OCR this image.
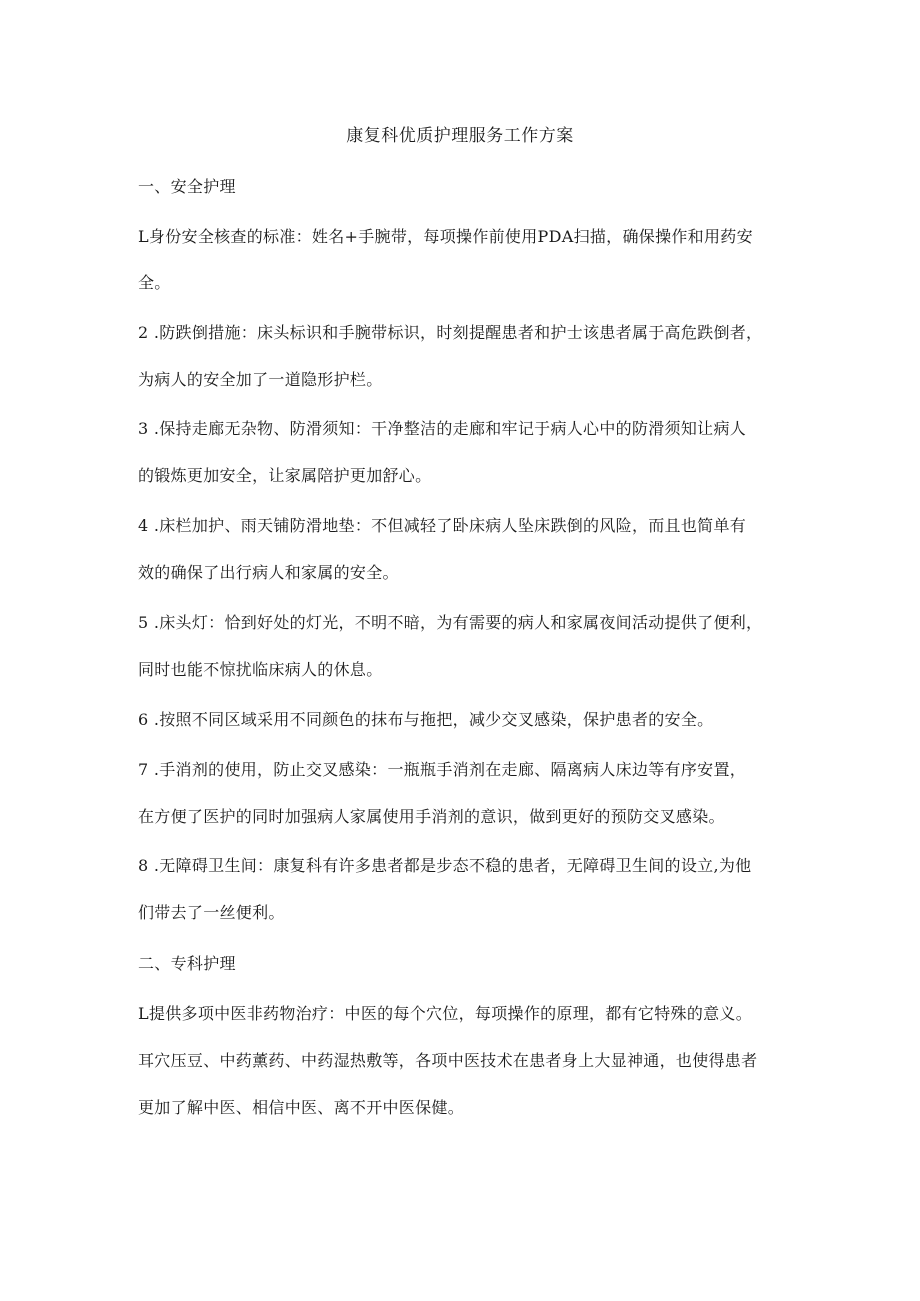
康复科优质护理服务工作方案

一、安全护理

L身份安全核查的标准：姓名+手腕带，每项操作前使用PDA扫描，确保操作和用药安

全。

2 .防跌倒措施：床头标识和手腕带标识，时刻提醒患者和护士该患者属于高危跌倒者，

为病人的安全加了一道隐形护栏。

3 .保持走廊无杂物、防滑须知：干净整洁的走廊和牢记于病人心中的防滑须知让病人

的锻炼更加安全，让家属陪护更加舒心。

4 .床栏加护、雨天铺防滑地垫：不但减轻了卧床病人坠床跌倒的风险，而且也简单有

效的确保了出行病人和家属的安全。

5 .床头灯：恰到好处的灯光，不明不暗，为有需要的病人和家属夜间活动提供了便利，

同时也能不惊扰临床病人的休息。

6 .按照不同区域采用不同颜色的抹布与拖把，减少交叉感染，保护患者的安全。

7 .手消剂的使用，防止交叉感染：一瓶瓶手消剂在走廊、隔离病人床边等有序安置，

在方便了医护的同时加强病人家属使用手消剂的意识，做到更好的预防交叉感染。

8 .无障碍卫生间：康复科有许多患者都是步态不稳的患者，无障碍卫生间的设立,为他

们带去了一丝便利。

二、专科护理

L提供多项中医非药物治疗：中医的每个穴位，每项操作的原理，都有它特殊的意义。

耳穴压豆、中药薰药、中药湿热敷等，各项中医技术在患者身上大显神通，也使得患者

更加了解中医、相信中医、离不开中医保健。
